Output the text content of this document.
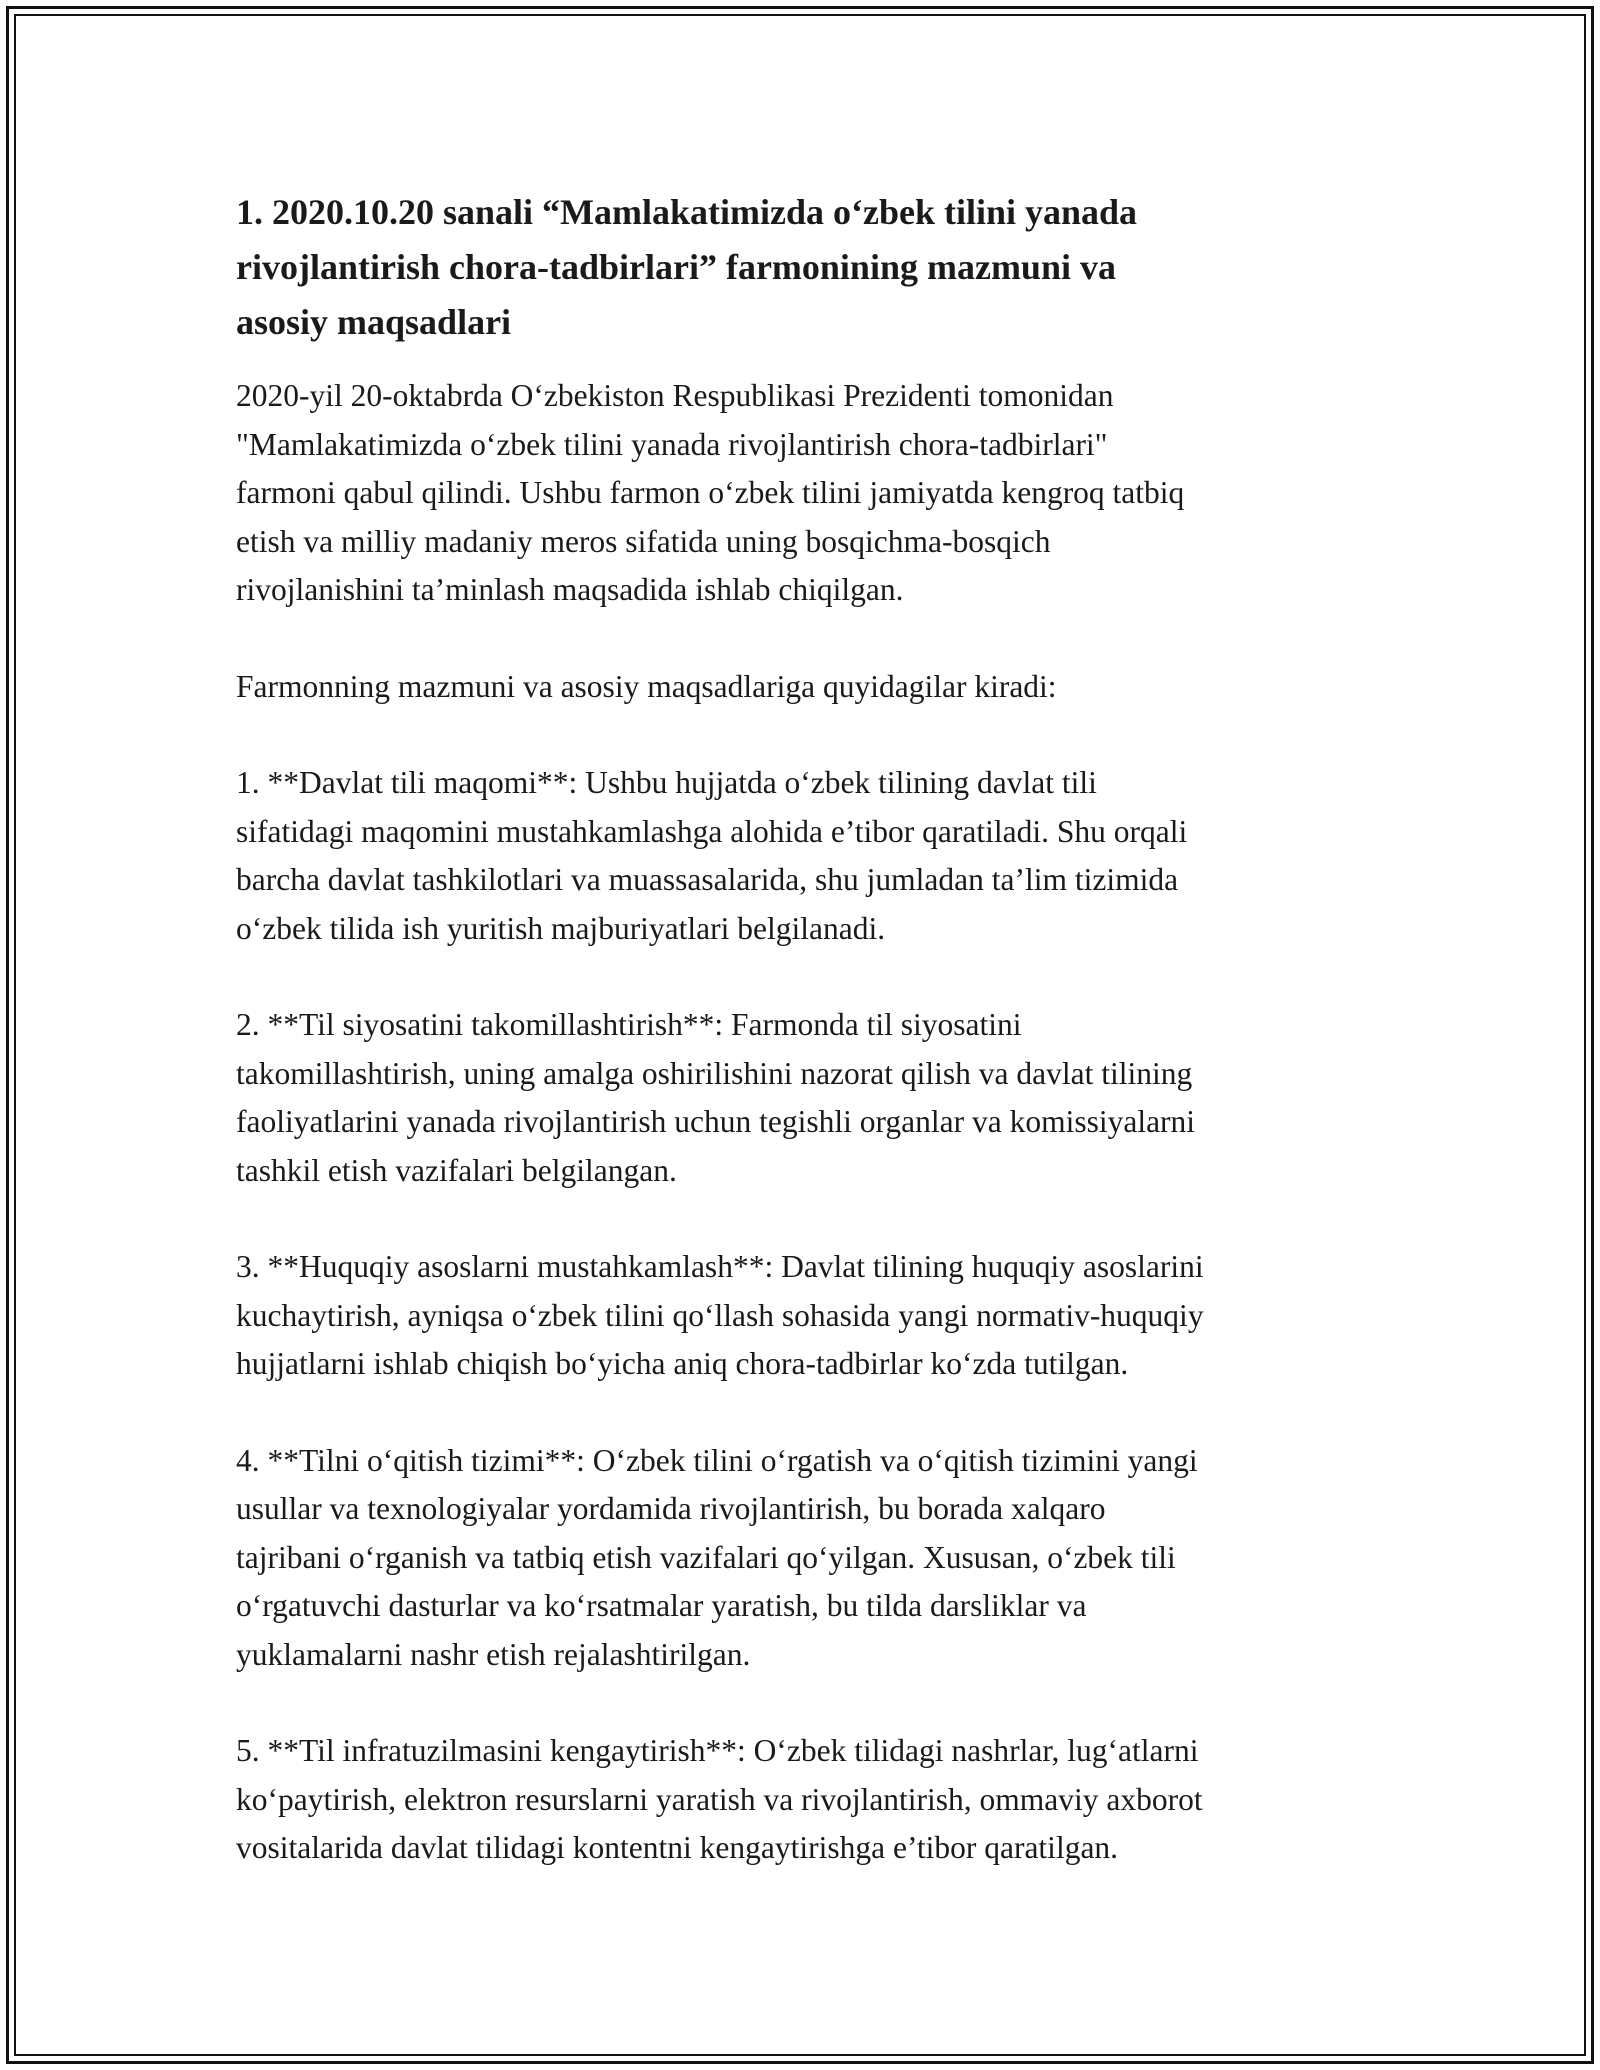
1. 2020.10.20 sanali “Mamlakatimizda oʻzbek tilini yanada
rivojlantirish chora-tadbirlari” farmonining mazmuni va
asosiy maqsadlari

2020-yil 20-oktabrda Oʻzbekiston Respublikasi Prezidenti tomonidan
"Mamlakatimizda oʻzbek tilini yanada rivojlantirish chora-tadbirlari"
farmoni qabul qilindi. Ushbu farmon oʻzbek tilini jamiyatda kengroq tatbiq
etish va milliy madaniy meros sifatida uning bosqichma-bosqich
rivojlanishini ta’minlash maqsadida ishlab chiqilgan.

Farmonning mazmuni va asosiy maqsadlariga quyidagilar kiradi:

1. **Davlat tili maqomi**: Ushbu hujjatda oʻzbek tilining davlat tili
sifatidagi maqomini mustahkamlashga alohida e’tibor qaratiladi. Shu orqali
barcha davlat tashkilotlari va muassasalarida, shu jumladan ta’lim tizimida
oʻzbek tilida ish yuritish majburiyatlari belgilanadi.

2. **Til siyosatini takomillashtirish**: Farmonda til siyosatini
takomillashtirish, uning amalga oshirilishini nazorat qilish va davlat tilining
faoliyatlarini yanada rivojlantirish uchun tegishli organlar va komissiyalarni
tashkil etish vazifalari belgilangan.

3. **Huquqiy asoslarni mustahkamlash**: Davlat tilining huquqiy asoslarini
kuchaytirish, ayniqsa oʻzbek tilini qoʻllash sohasida yangi normativ-huquqiy
hujjatlarni ishlab chiqish boʻyicha aniq chora-tadbirlar koʻzda tutilgan.

4. **Tilni oʻqitish tizimi**: Oʻzbek tilini oʻrgatish va oʻqitish tizimini yangi
usullar va texnologiyalar yordamida rivojlantirish, bu borada xalqaro
tajribani oʻrganish va tatbiq etish vazifalari qoʻyilgan. Xususan, oʻzbek tili
oʻrgatuvchi dasturlar va koʻrsatmalar yaratish, bu tilda darsliklar va
yuklamalarni nashr etish rejalashtirilgan.

5. **Til infratuzilmasini kengaytirish**: Oʻzbek tilidagi nashrlar, lugʻatlarni
koʻpaytirish, elektron resurslarni yaratish va rivojlantirish, ommaviy axborot
vositalarida davlat tilidagi kontentni kengaytirishga e’tibor qaratilgan.
